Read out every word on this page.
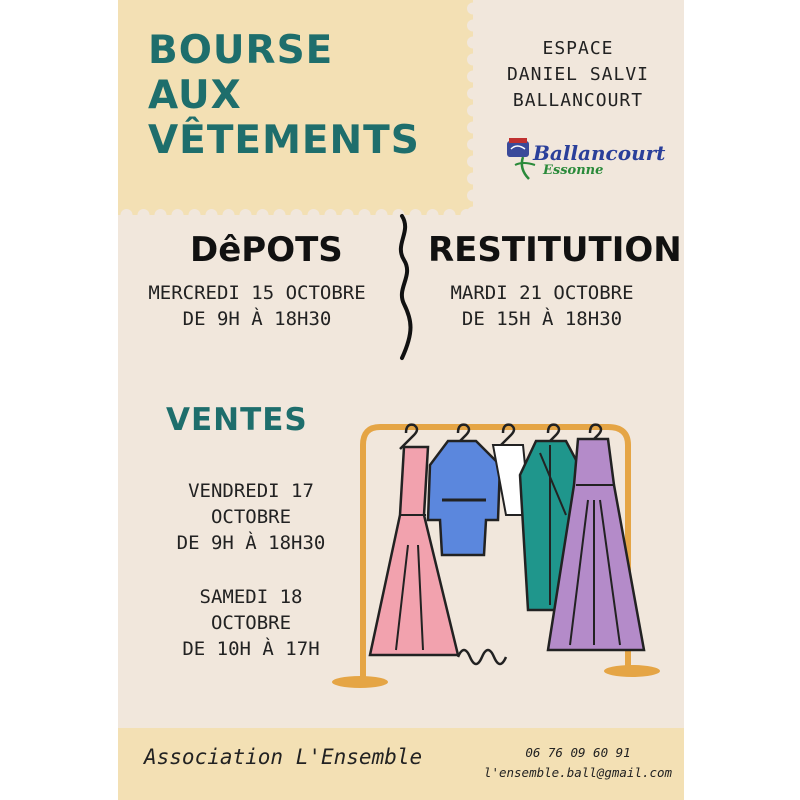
BOURSE
AUX
VÊTEMENTS
ESPACE
DANIEL SALVI
BALLANCOURT
Ballancourt
Essonne
DêPOTS
MERCREDI 15 OCTOBRE
DE 9H À 18H30
RESTITUTION
MARDI 21 OCTOBRE
DE 15H À 18H30
VENTES
VENDREDI 17
OCTOBRE
DE 9H À 18H30
SAMEDI 18
OCTOBRE
DE 10H À 17H
Association L'Ensemble	06 76 09 60 91
l'ensemble.ball@gmail.com
